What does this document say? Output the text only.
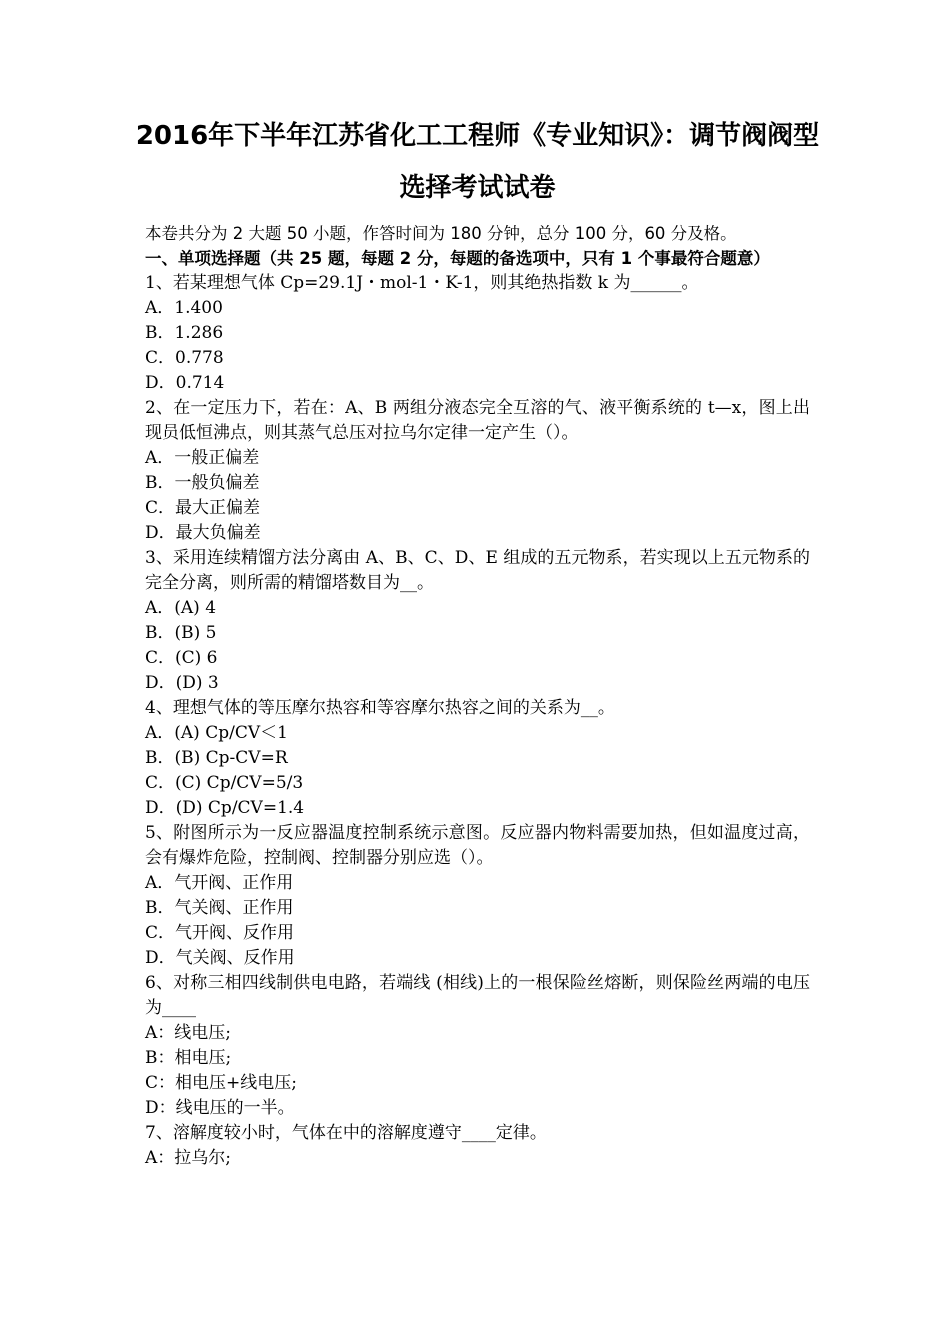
2016年下半年江苏省化工工程师《专业知识》：调节阀阀型
选择考试试卷
本卷共分为 2 大题 50 小题，作答时间为 180 分钟，总分 100 分，60 分及格。
一、单项选择题（共 25 题，每题 2 分，每题的备选项中，只有 1 个事最符合题意）
1、若某理想气体 Cp=29.1J・mol-1・K-1，则其绝热指数 k 为______。
A．1.400
B．1.286
C．0.778
D．0.714
2、在一定压力下，若在：A、B 两组分液态完全互溶的气、液平衡系统的 t—x，图上出现员低恒沸点，则其蒸气总压对拉乌尔定律一定产生（）。
A．一般正偏差
B．一般负偏差
C．最大正偏差
D．最大负偏差
3、采用连续精馏方法分离由 A、B、C、D、E 组成的五元物系，若实现以上五元物系的完全分离，则所需的精馏塔数目为__。
A．(A) 4
B．(B) 5
C．(C) 6
D．(D) 3
4、理想气体的等压摩尔热容和等容摩尔热容之间的关系为__。
A．(A) Cp/CV＜1
B．(B) Cp-CV=R
C．(C) Cp/CV=5/3
D．(D) Cp/CV=1.4
5、附图所示为一反应器温度控制系统示意图。反应器内物料需要加热，但如温度过高，会有爆炸危险，控制阀、控制器分别应选（）。
A．气开阀、正作用
B．气关阀、正作用
C．气开阀、反作用
D．气关阀、反作用
6、对称三相四线制供电电路，若端线 (相线)上的一根保险丝熔断，则保险丝两端的电压为____
A：线电压;
B：相电压;
C：相电压+线电压;
D：线电压的一半。
7、溶解度较小时，气体在中的溶解度遵守____定律。
A：拉乌尔;
